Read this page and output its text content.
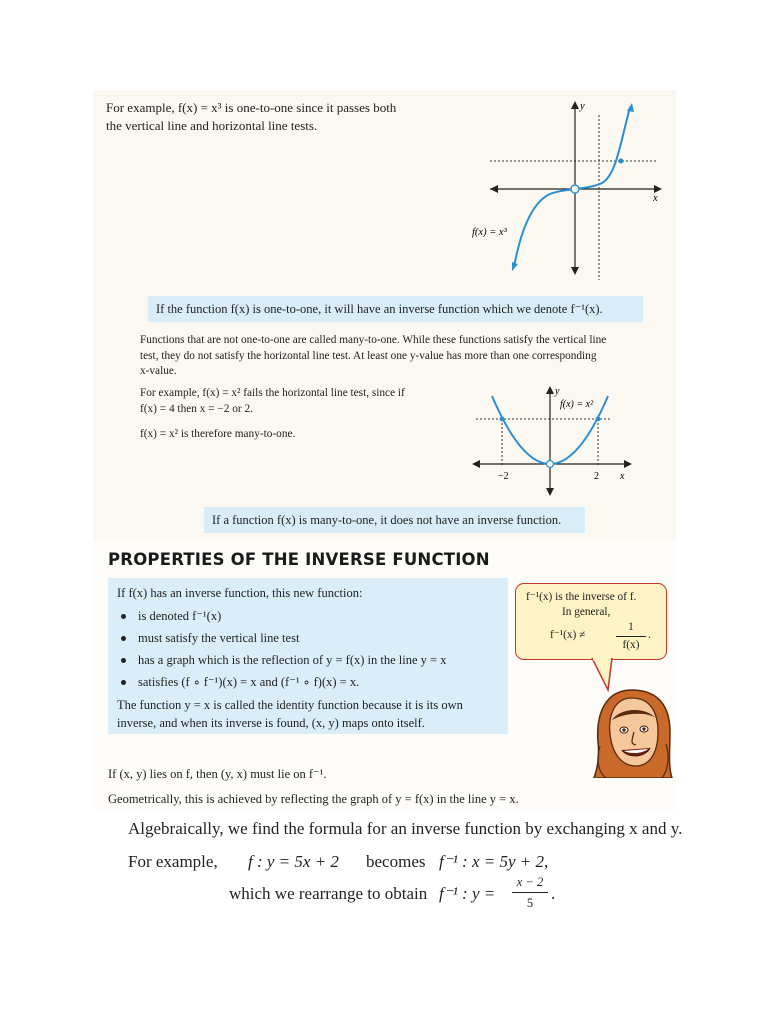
For example, f(x) = x³ is one-to-one since it passes both
the vertical line and horizontal line tests.
y
x
f(x) = x³
If the function f(x) is one-to-one, it will have an inverse function which we denote f⁻¹(x).
Functions that are not one-to-one are called many-to-one. While these functions satisfy the vertical line
test, they do not satisfy the horizontal line test. At least one y-value has more than one corresponding
x-value.
For example, f(x) = x² fails the horizontal line test, since if
f(x) = 4 then x = −2 or 2.
f(x) = x² is therefore many-to-one.
y
f(x) = x²
−2	2 x
If a function f(x) is many-to-one, it does not have an inverse function.
PROPERTIES OF THE INVERSE FUNCTION
If f(x) has an inverse function, this new function:
is denoted f⁻¹(x)
must satisfy the vertical line test
has a graph which is the reflection of y = f(x) in the line y = x
satisfies (f ∘ f⁻¹)(x) = x and (f⁻¹ ∘ f)(x) = x.
The function y = x is called the identity function because it is its own
inverse, and when its inverse is found, (x, y) maps onto itself.
f⁻¹(x) is the inverse of f.
In general,
f⁻¹(x) ≠
1
f(x)
.
If (x, y) lies on f, then (y, x) must lie on f⁻¹.
Geometrically, this is achieved by reflecting the graph of y = f(x) in the line y = x.
Algebraically, we find the formula for an inverse function by exchanging x and y.
For example, f : y = 5x + 2 becomes f⁻¹ : x = 5y + 2,
which we rearrange to obtain f⁻¹ : y =
x − 2
5	.
